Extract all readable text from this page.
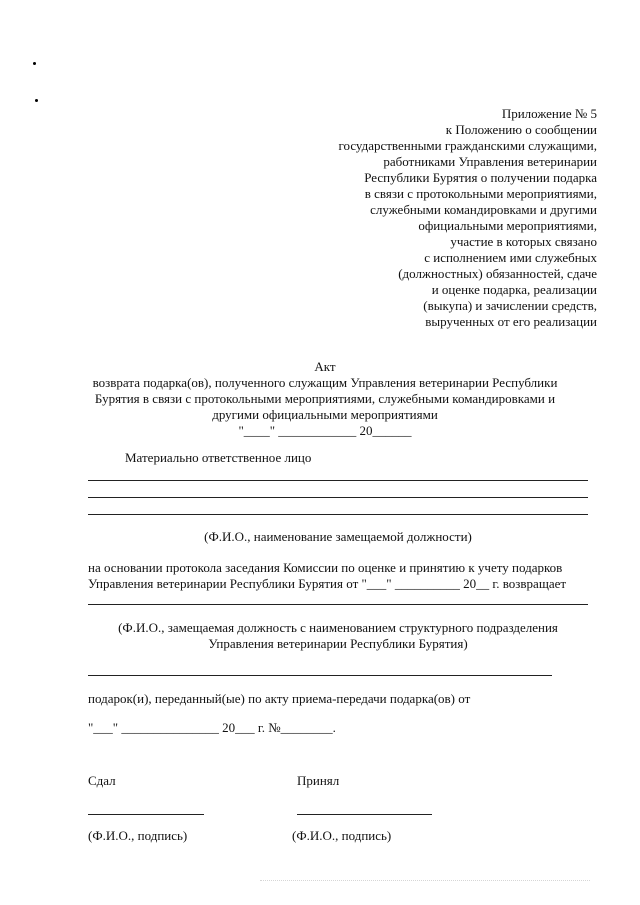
Приложение № 5
к Положению о сообщении
государственными гражданскими служащими,
работниками Управления ветеринарии
Республики Бурятия о получении подарка
в связи с протокольными мероприятиями,
служебными командировками и другими
официальными мероприятиями,
участие в которых связано
с исполнением ими служебных
(должностных) обязанностей, сдаче
и оценке подарка, реализации
(выкупа) и зачислении средств,
вырученных от его реализации
Акт
возврата подарка(ов), полученного служащим Управления ветеринарии Республики
Бурятия в связи с протокольными мероприятиями, служебными командировками и
другими официальными мероприятиями
"____" ____________ 20______
Материально ответственное лицо
(Ф.И.О., наименование замещаемой должности)
на основании протокола заседания Комиссии по оценке и принятию к учету подарков
Управления ветеринарии Республики Бурятия от "___" __________ 20__ г. возвращает
(Ф.И.О., замещаемая должность с наименованием структурного подразделения
Управления ветеринарии Республики Бурятия)
подарок(и), переданный(ые) по акту приема-передачи подарка(ов) от
"___" _______________ 20___ г. №________.
Сдал	Принял
(Ф.И.О., подпись)	(Ф.И.О., подпись)
